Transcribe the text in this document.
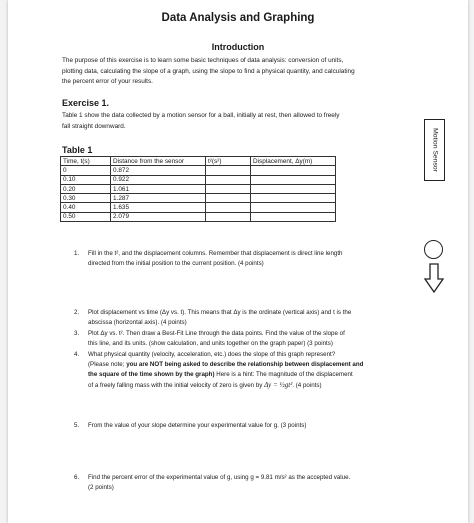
Data Analysis and Graphing
Introduction
The purpose of this exercise is to learn some basic techniques of data analysis: conversion of units,
plotting data, calculating the slope of a graph, using the slope to find a physical quantity, and calculating
the percent error of your results.
Exercise 1.
Table 1 show the data collected by a motion sensor for a ball, initially at rest, then allowed to freely
fall straight downward.
Table 1
Time, t(s)	Distance from the sensor	t²(s²)	Displacement, Δy(m)
0	0.872		
0.10	0.922		
0.20	1.061		
0.30	1.287		
0.40	1.635		
0.50	2.079		
1. Fill in the t², and the displacement columns. Remember that displacement is direct line length
directed from the initial position to the current position. (4 points)
2. Plot displacement vs time (Δy vs. t). This means that Δy is the ordinate (vertical axis) and t is the
abscissa (horizontal axis). (4 points)
3. Plot Δy vs. t². Then draw a Best-Fit Line through the data points. Find the value of the slope of
this line, and its units. (show calculation, and units together on the graph paper) (3 points)
4. What physical quantity (velocity, acceleration, etc.) does the slope of this graph represent?
(Please note; you are NOT being asked to describe the relationship between displacement and
the square of the time shown by the graph) Here is a hint: The magnitude of the displacement
of a freely falling mass with the initial velocity of zero is given by Δy = ½gt². (4 points)
5. From the value of your slope determine your experimental value for g. (3 points)
6. Find the percent error of the experimental value of g, using g = 9.81 m/s² as the accepted value.
(2 points)
Motion Sensor
